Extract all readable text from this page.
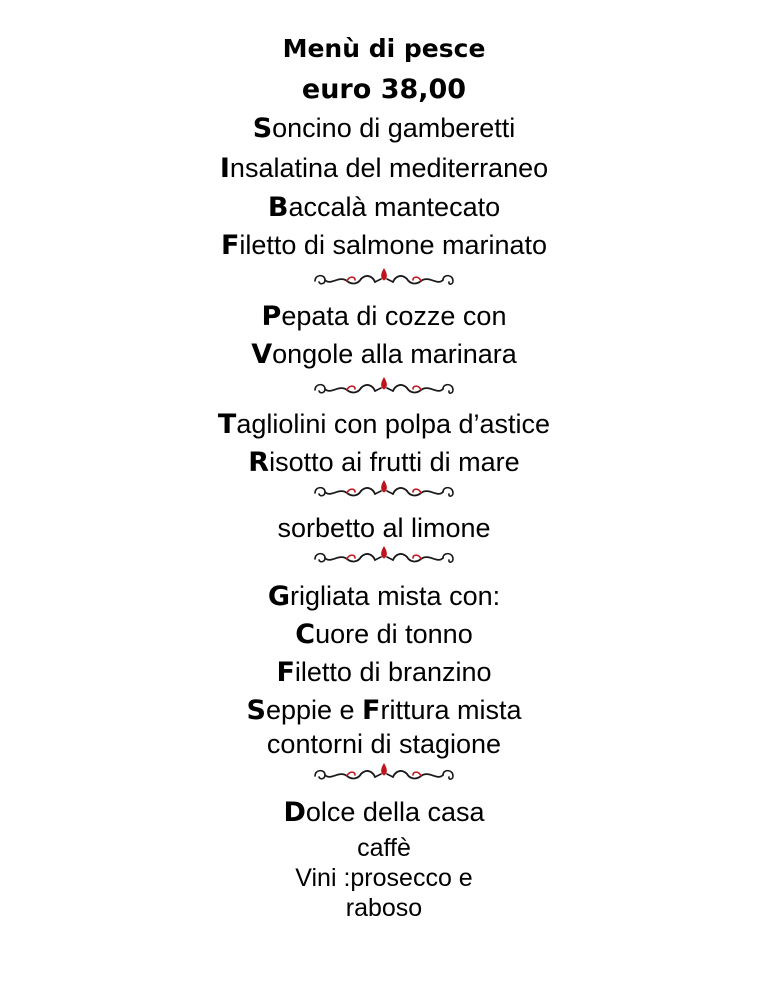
Menù di pesce
euro 38,00
Soncino di gamberetti
Insalatina del mediterraneo
Baccalà mantecato
Filetto di salmone marinato
Pepata di cozze con
Vongole alla marinara
Tagliolini con polpa d’astice
Risotto ai frutti di mare
sorbetto al limone
Grigliata mista con:
Cuore di tonno
Filetto di branzino
Seppie e Frittura mista
contorni di stagione
Dolce della casa
caffè
Vini :prosecco e
raboso
